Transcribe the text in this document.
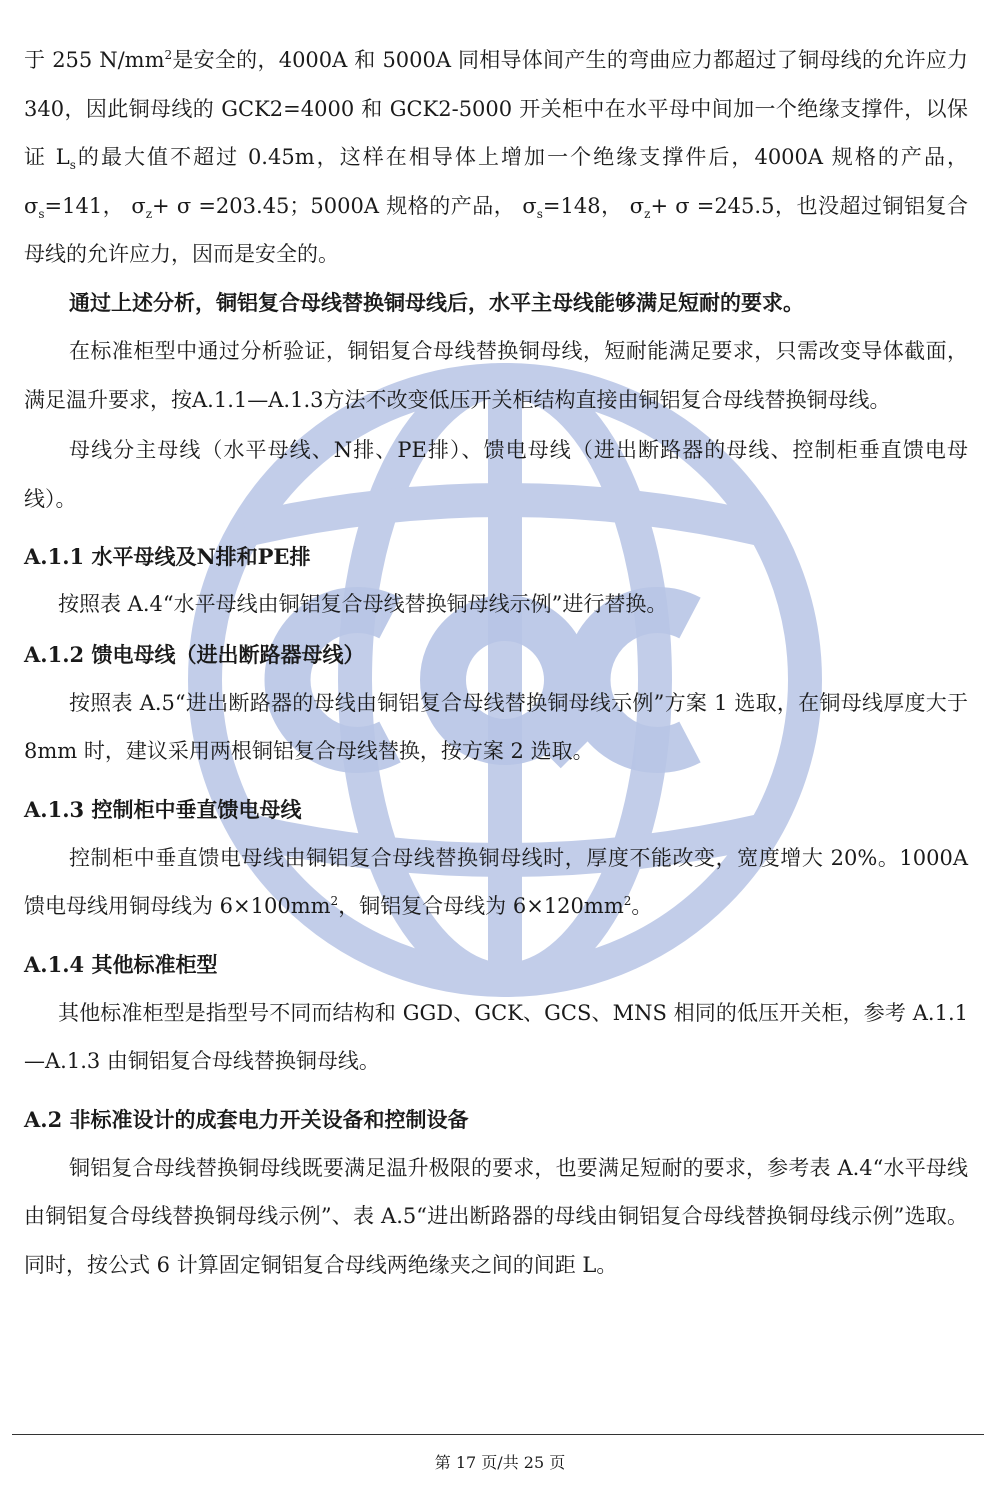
于 255 $N/mm^2$是安全的，4000A 和 5000A 同相导体间产生的弯曲应力都超过了铜母线的允许应力 340，因此铜母线的 GCK2=4000 和 GCK2-5000 开关柜中在水平母中间加一个绝缘支撑件，以保证 $L_s$的最大值不超过 0.45m，这样在相导体上增加一个绝缘支撑件后，4000A 规格的产品， $\sigma_s=141$， $\sigma_z+ \sigma =203.45$；5000A 规格的产品， $\sigma_s=148$， $\sigma_z+ \sigma =245.5$，也没超过铜铝复合母线的允许应力，因而是安全的。

通过上述分析，铜铝复合母线替换铜母线后，水平主母线能够满足短耐的要求。

在标准柜型中通过分析验证，铜铝复合母线替换铜母线，短耐能满足要求，只需改变导体截面，满足温升要求，按A.1.1—A.1.3方法不改变低压开关柜结构直接由铜铝复合母线替换铜母线。

母线分主母线（水平母线、N排、PE排）、馈电母线（进出断路器的母线、控制柜垂直馈电母线）。

A.1.1 水平母线及N排和PE排

按照表 A.4“水平母线由铜铝复合母线替换铜母线示例”进行替换。

A.1.2 馈电母线（进出断路器母线）

按照表 A.5“进出断路器的母线由铜铝复合母线替换铜母线示例”方案 1 选取，在铜母线厚度大于 8mm 时，建议采用两根铜铝复合母线替换，按方案 2 选取。

A.1.3 控制柜中垂直馈电母线

控制柜中垂直馈电母线由铜铝复合母线替换铜母线时，厚度不能改变，宽度增大 20%。1000A 馈电母线用铜母线为 $6\times 100mm^2$，铜铝复合母线为 $6\times 120mm^2$。

A.1.4 其他标准柜型

其他标准柜型是指型号不同而结构和 GGD、GCK、GCS、MNS 相同的低压开关柜，参考 A.1.1—A.1.3 由铜铝复合母线替换铜母线。

A.2 非标准设计的成套电力开关设备和控制设备

铜铝复合母线替换铜母线既要满足温升极限的要求，也要满足短耐的要求，参考表 A.4“水平母线由铜铝复合母线替换铜母线示例”、表 A.5“进出断路器的母线由铜铝复合母线替换铜母线示例”选取。同时，按公式 6 计算固定铜铝复合母线两绝缘夹之间的间距 L。

第 17 页/共 25 页
